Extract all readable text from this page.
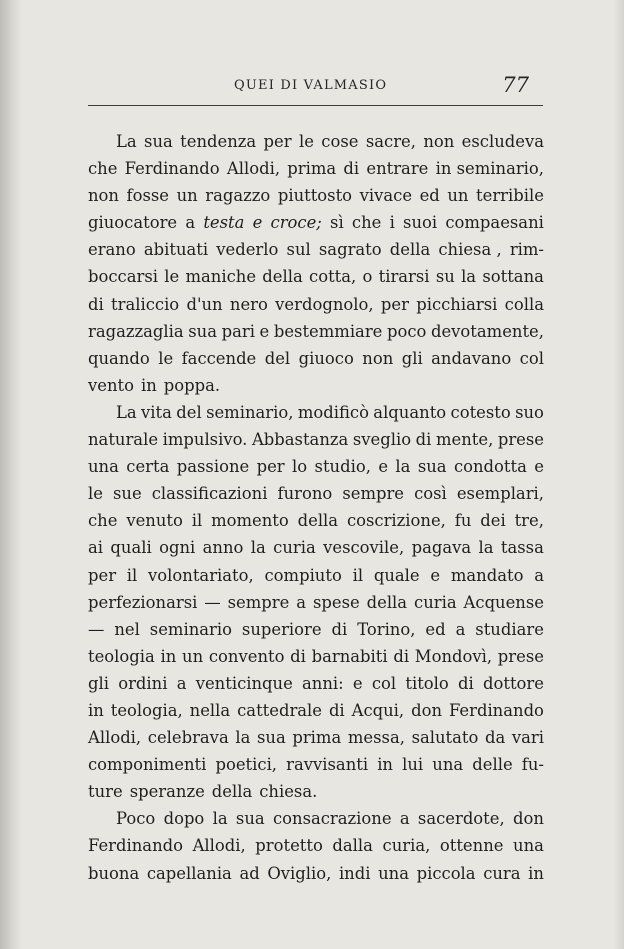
QUEI DI VALMASIO	77
La sua tendenza per le cose sacre, non escludeva
che Ferdinando Allodi, prima di entrare in seminario,
non fosse un ragazzo piuttosto vivace ed un terribile
giuocatore a testa e croce; sì che i suoi compaesani
erano abituati vederlo sul sagrato della chiesa , rim-
boccarsi le maniche della cotta, o tirarsi su la sottana
di traliccio d'un nero verdognolo, per picchiarsi colla
ragazzaglia sua pari e bestemmiare poco devotamente,
quando le faccende del giuoco non gli andavano col
vento in poppa.
La vita del seminario, modificò alquanto cotesto suo
naturale impulsivo. Abbastanza sveglio di mente, prese
una certa passione per lo studio, e la sua condotta e
le sue classificazioni furono sempre così esemplari,
che venuto il momento della coscrizione, fu dei tre,
ai quali ogni anno la curia vescovile, pagava la tassa
per il volontariato, compiuto il quale e mandato a
perfezionarsi — sempre a spese della curia Acquense
— nel seminario superiore di Torino, ed a studiare
teologia in un convento di barnabiti di Mondovì, prese
gli ordini a venticinque anni: e col titolo di dottore
in teologia, nella cattedrale di Acqui, don Ferdinando
Allodi, celebrava la sua prima messa, salutato da vari
componimenti poetici, ravvisanti in lui una delle fu-
ture speranze della chiesa.
Poco dopo la sua consacrazione a sacerdote, don
Ferdinando Allodi, protetto dalla curia, ottenne una
buona capellania ad Oviglio, indi una piccola cura in
